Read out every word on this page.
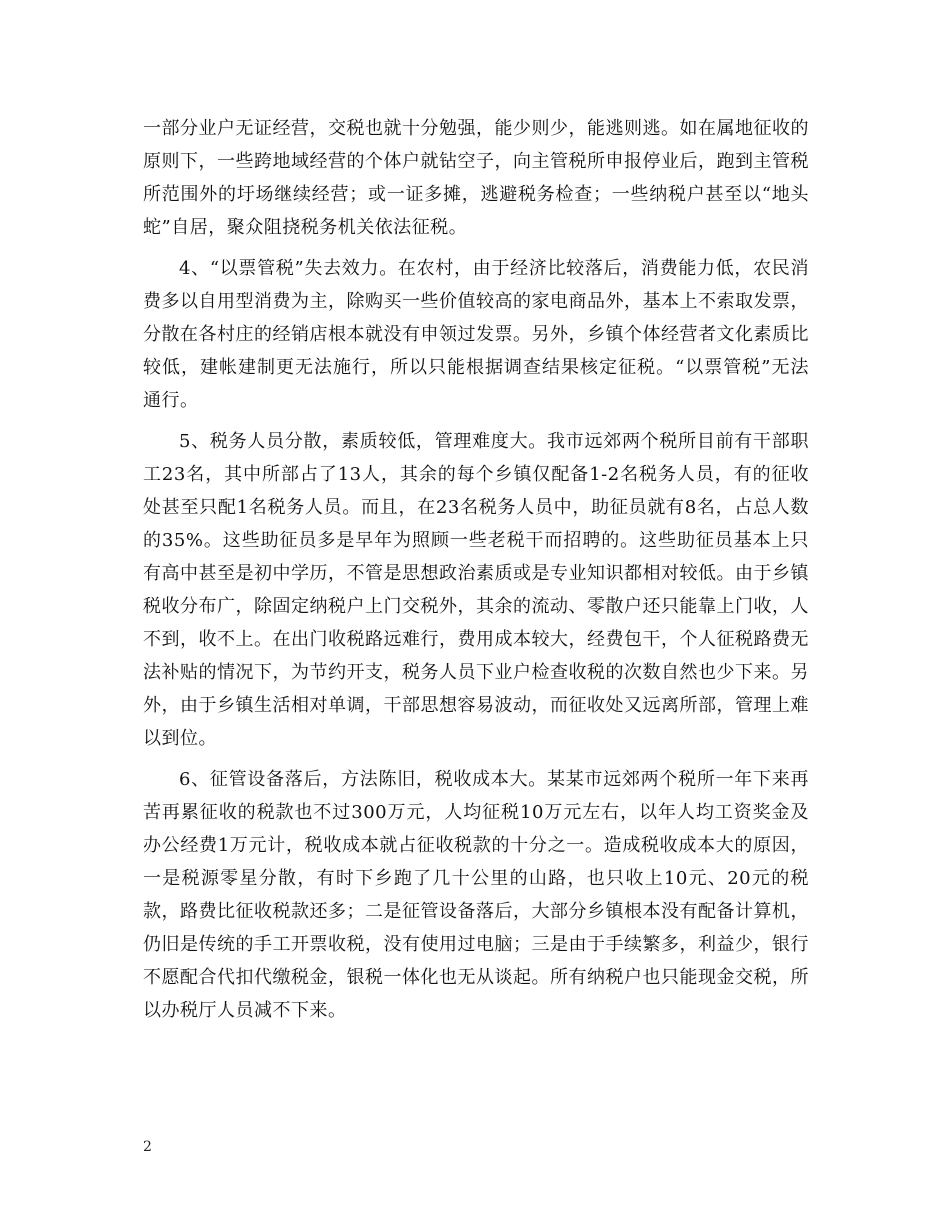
一部分业户无证经营，交税也就十分勉强，能少则少，能逃则逃。如在属地征收的原则下，一些跨地域经营的个体户就钻空子，向主管税所申报停业后，跑到主管税所范围外的圩场继续经营；或一证多摊，逃避税务检查；一些纳税户甚至以“地头蛇”自居，聚众阻挠税务机关依法征税。

4、“以票管税”失去效力。在农村，由于经济比较落后，消费能力低，农民消费多以自用型消费为主，除购买一些价值较高的家电商品外，基本上不索取发票，分散在各村庄的经销店根本就没有申领过发票。另外，乡镇个体经营者文化素质比较低，建帐建制更无法施行，所以只能根据调查结果核定征税。“以票管税”无法通行。

5、税务人员分散，素质较低，管理难度大。我市远郊两个税所目前有干部职工23名，其中所部占了13人，其余的每个乡镇仅配备1-2名税务人员，有的征收处甚至只配1名税务人员。而且，在23名税务人员中，助征员就有8名，占总人数的35%。这些助征员多是早年为照顾一些老税干而招聘的。这些助征员基本上只有高中甚至是初中学历，不管是思想政治素质或是专业知识都相对较低。由于乡镇税收分布广，除固定纳税户上门交税外，其余的流动、零散户还只能靠上门收，人不到，收不上。在出门收税路远难行，费用成本较大，经费包干，个人征税路费无法补贴的情况下，为节约开支，税务人员下业户检查收税的次数自然也少下来。另外，由于乡镇生活相对单调，干部思想容易波动，而征收处又远离所部，管理上难以到位。

6、征管设备落后，方法陈旧，税收成本大。某某市远郊两个税所一年下来再苦再累征收的税款也不过300万元，人均征税10万元左右，以年人均工资奖金及办公经费1万元计，税收成本就占征收税款的十分之一。造成税收成本大的原因，一是税源零星分散，有时下乡跑了几十公里的山路，也只收上10元、20元的税款，路费比征收税款还多；二是征管设备落后，大部分乡镇根本没有配备计算机，仍旧是传统的手工开票收税，没有使用过电脑；三是由于手续繁多，利益少，银行不愿配合代扣代缴税金，银税一体化也无从谈起。所有纳税户也只能现金交税，所以办税厅人员减不下来。

2
